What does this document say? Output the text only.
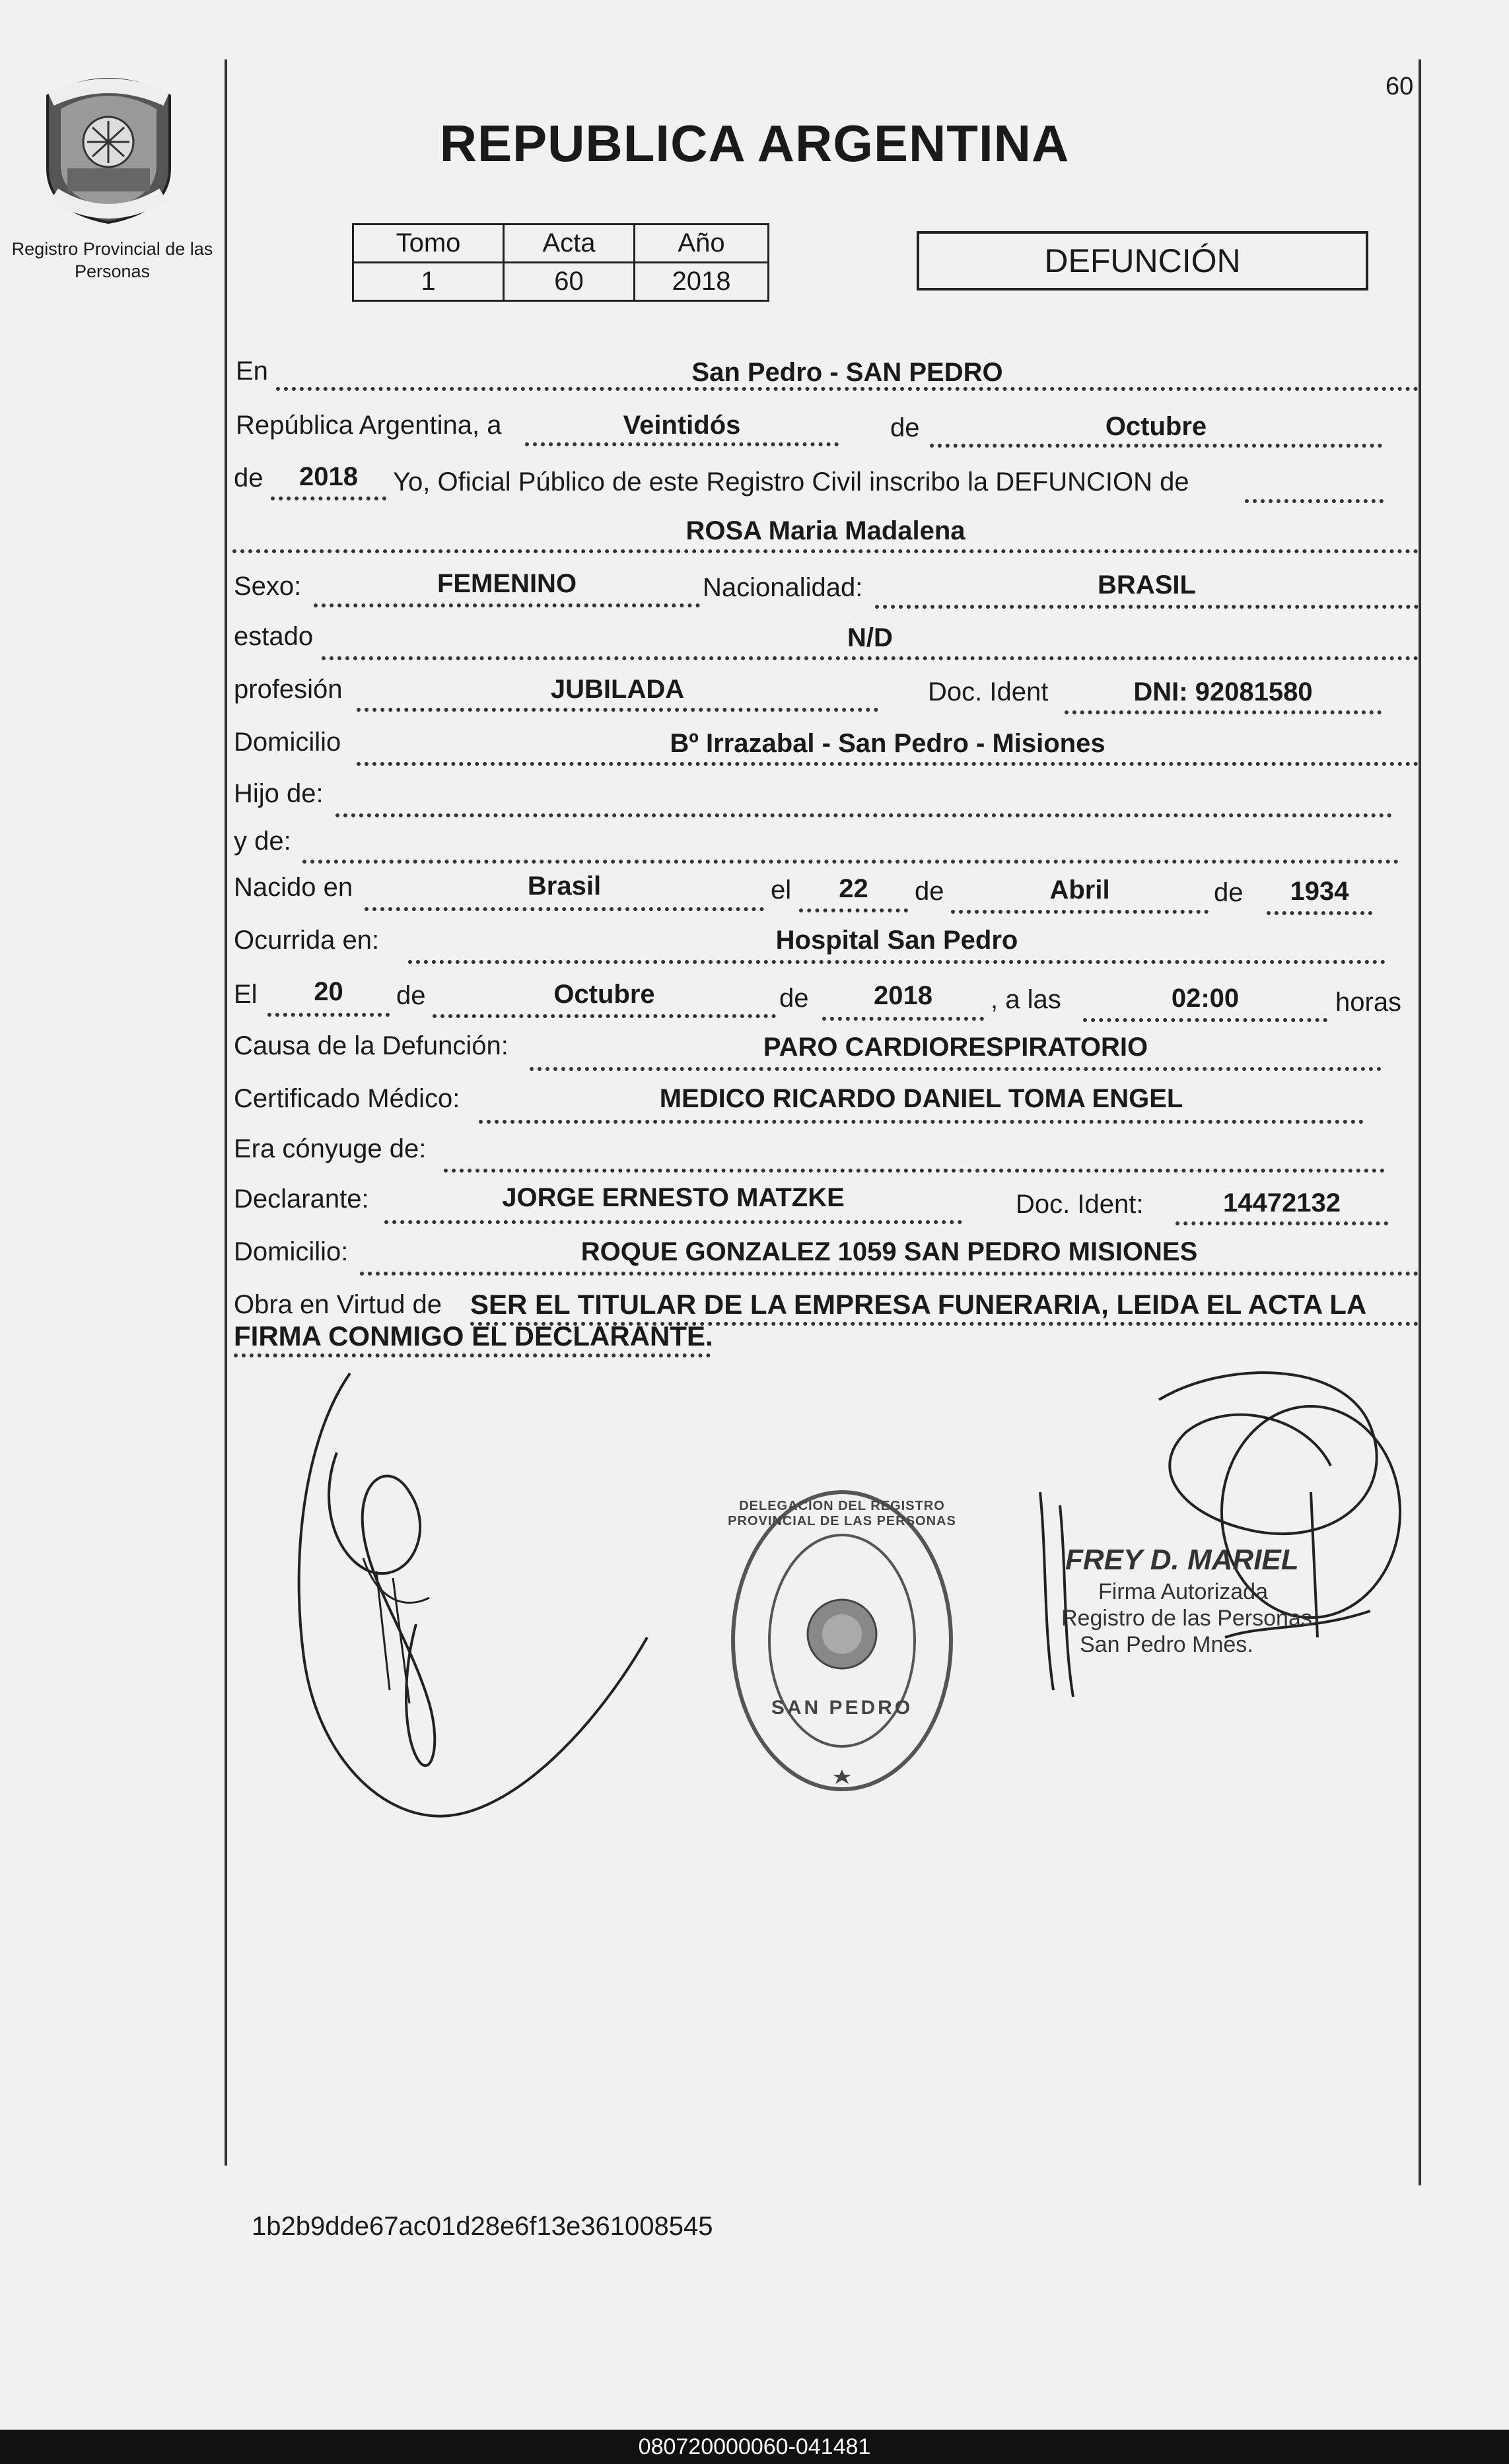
Registro Provincial de las Personas
60
REPUBLICA ARGENTINA
Tomo	Acta	Año
1	60	2018
DEFUNCIÓN
En	San Pedro - SAN PEDRO
República Argentina, a	Veintidós	de	Octubre
de	2018	Yo, Oficial Público de este Registro Civil inscribo la DEFUNCION de
ROSA Maria Madalena
Sexo:	FEMENINO	Nacionalidad:	BRASIL
estado	N/D
profesión	JUBILADA	Doc. Ident	DNI: 92081580
Domicilio	Bº Irrazabal - San Pedro - Misiones
Hijo de:
y de:
Nacido en	Brasil	el	22	de	Abril	de	1934
Ocurrida en:	Hospital San Pedro
El	20	de	Octubre	de	2018	, a las	02:00	horas
Causa de la Defunción:	PARO CARDIORESPIRATORIO
Certificado Médico:	MEDICO RICARDO DANIEL TOMA ENGEL
Era cónyuge de:
Declarante:	JORGE ERNESTO MATZKE	Doc. Ident:	14472132
Domicilio:	ROQUE GONZALEZ 1059 SAN PEDRO MISIONES
Obra en Virtud de SER EL TITULAR DE LA EMPRESA FUNERARIA, LEIDA EL ACTA LA
FIRMA CONMIGO EL DECLARANTE.
DELEGACION DEL REGISTRO PROVINCIAL DE LAS PERSONAS
SAN PEDRO
FREY D. MARIEL
Firma Autorizada
Registro de las Personas
San Pedro Mnes.
1b2b9dde67ac01d28e6f13e361008545
080720000060-041481
